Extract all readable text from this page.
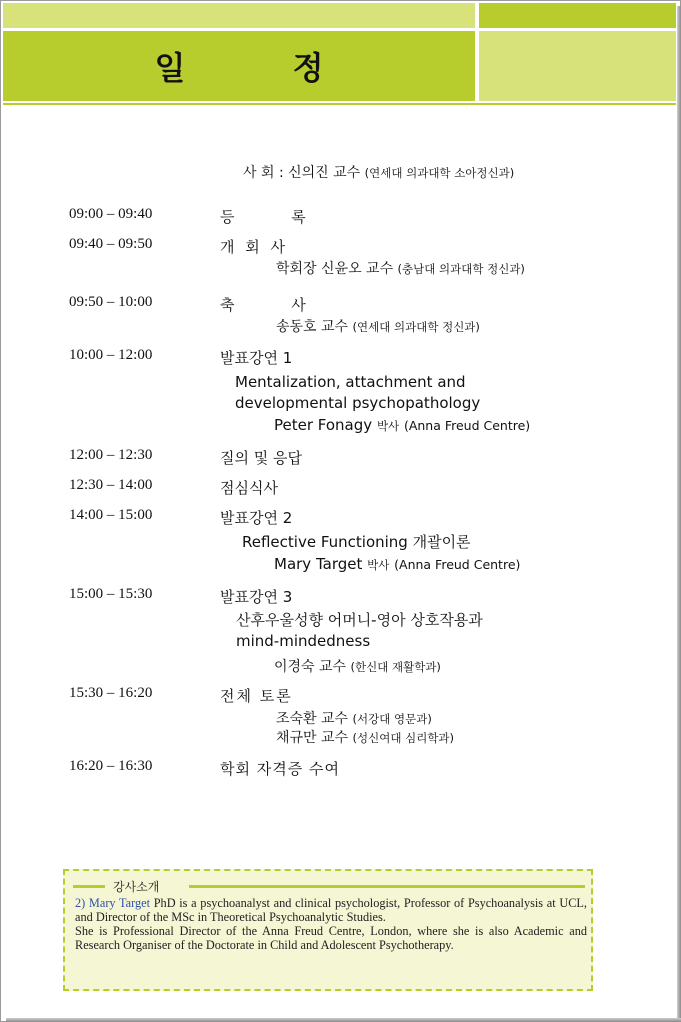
일 정
사 회 : 신의진 교수 (연세대 의과대학 소아정신과)
09:00 – 09:40	등 록
09:40 – 09:50	개 회 사
학회장 신윤오 교수 (충남대 의과대학 정신과)
09:50 – 10:00	축 사
송동호 교수 (연세대 의과대학 정신과)
10:00 – 12:00	발표강연 1
Mentalization, attachment and
developmental psychopathology
Peter Fonagy 박사 (Anna Freud Centre)
12:00 – 12:30	질의 및 응답
12:30 – 14:00	점심식사
14:00 – 15:00	발표강연 2
Reflective Functioning 개괄이론
Mary Target 박사 (Anna Freud Centre)
15:00 – 15:30	발표강연 3
산후우울성향 어머니-영아 상호작용과
mind-mindedness
이경숙 교수 (한신대 재활학과)
15:30 – 16:20	전체 토론
조숙환 교수 (서강대 영문과)
채규만 교수 (성신여대 심리학과)
16:20 – 16:30	학회 자격증 수여
강사소개
2) Mary Target PhD is a psychoanalyst and clinical psychologist, Professor of Psychoanalysis at UCL, and Director of the MSc in Theoretical Psychoanalytic Studies.
She is Professional Director of the Anna Freud Centre, London, where she is also Academic and Research Organiser of the Doctorate in Child and Adolescent Psychotherapy.
